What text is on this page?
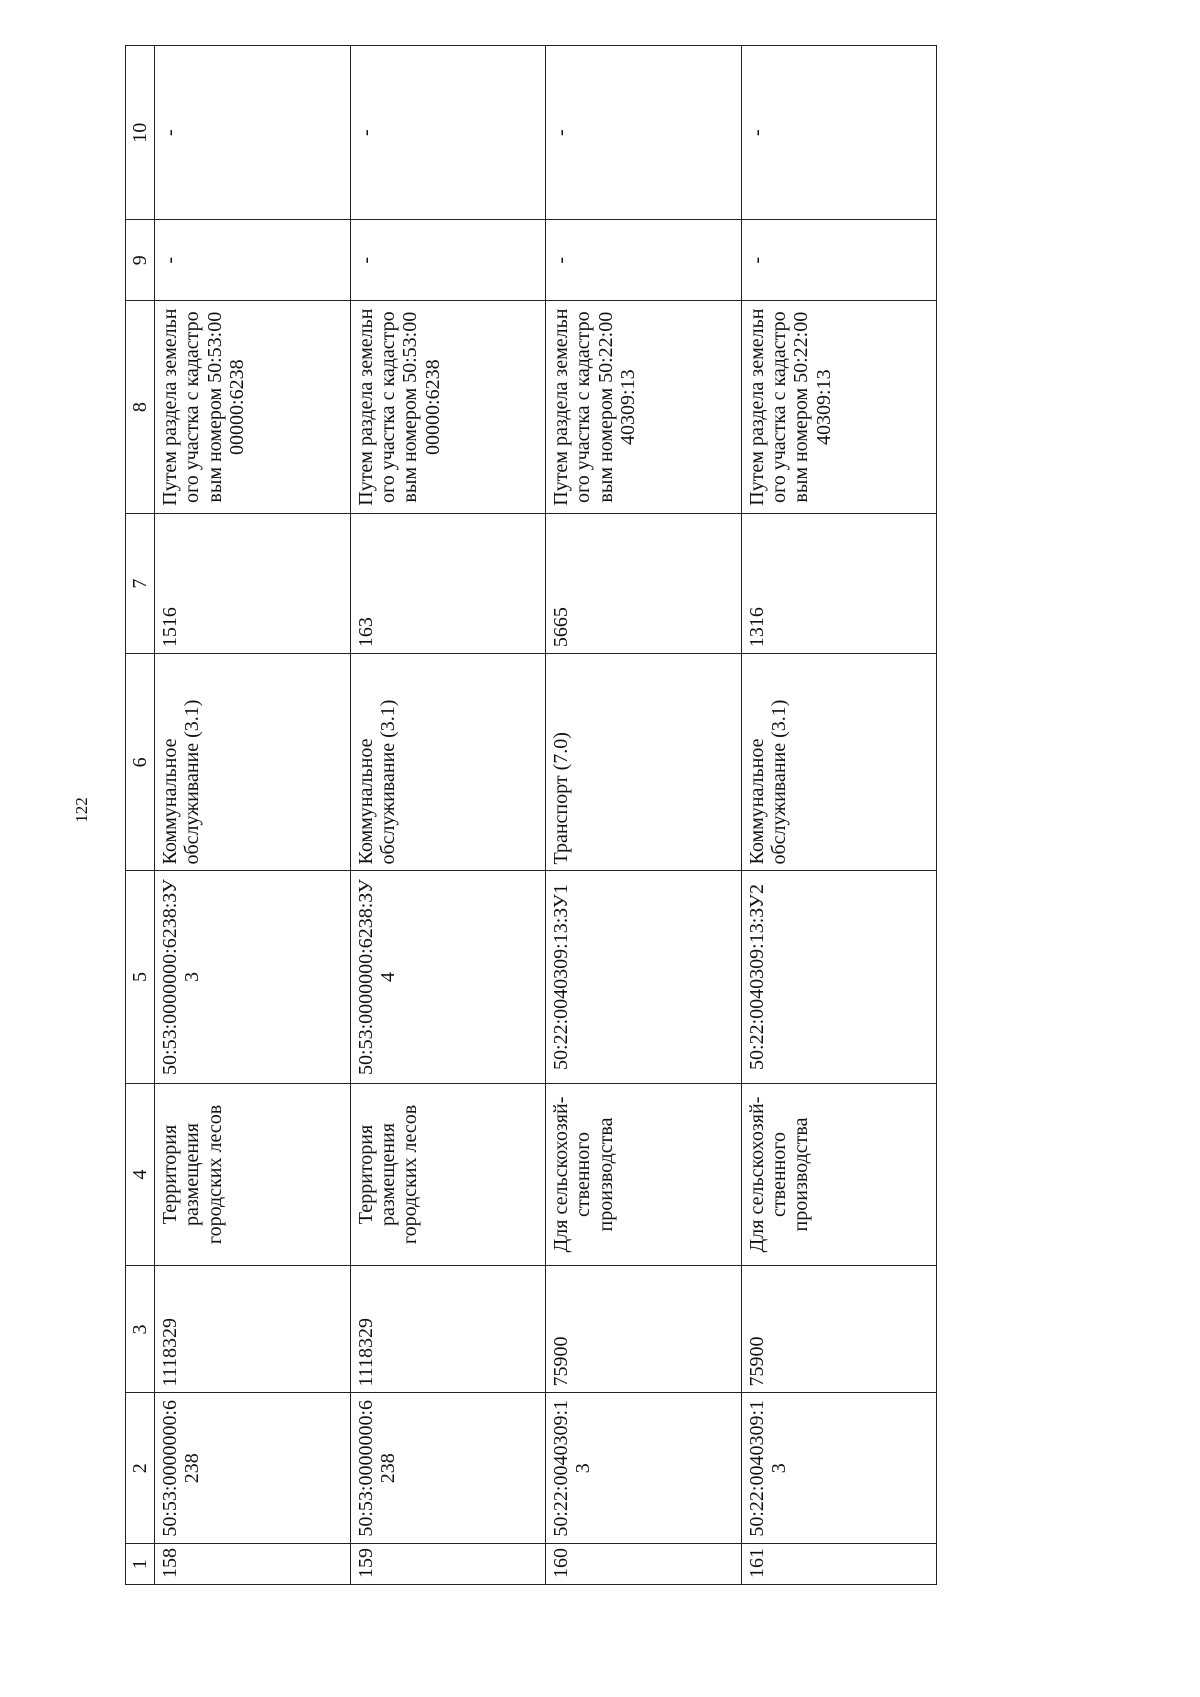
122
1	2	3	4	5	6	7	8	9	10
158	50:53:0000000:6238	1118329	Территория размещения городских лесов	50:53:0000000:6238:ЗУ3	Коммунальное обслуживание (3.1)	1516	Путем раздела земельного участка с кадастровым номером 50:53:0000000:6238	-	-
159	50:53:0000000:6238	1118329	Территория размещения городских лесов	50:53:0000000:6238:ЗУ4	Коммунальное обслуживание (3.1)	163	Путем раздела земельного участка с кадастровым номером 50:53:0000000:6238	-	-
160	50:22:0040309:13	75900	Для сельскохозяй-ственного производства	50:22:0040309:13:ЗУ1	Транспорт (7.0)	5665	Путем раздела земельного участка с кадастровым номером 50:22:0040309:13	-	-
161	50:22:0040309:13	75900	Для сельскохозяй-ственного производства	50:22:0040309:13:ЗУ2	Коммунальное обслуживание (3.1)	1316	Путем раздела земельного участка с кадастровым номером 50:22:0040309:13	-	-
